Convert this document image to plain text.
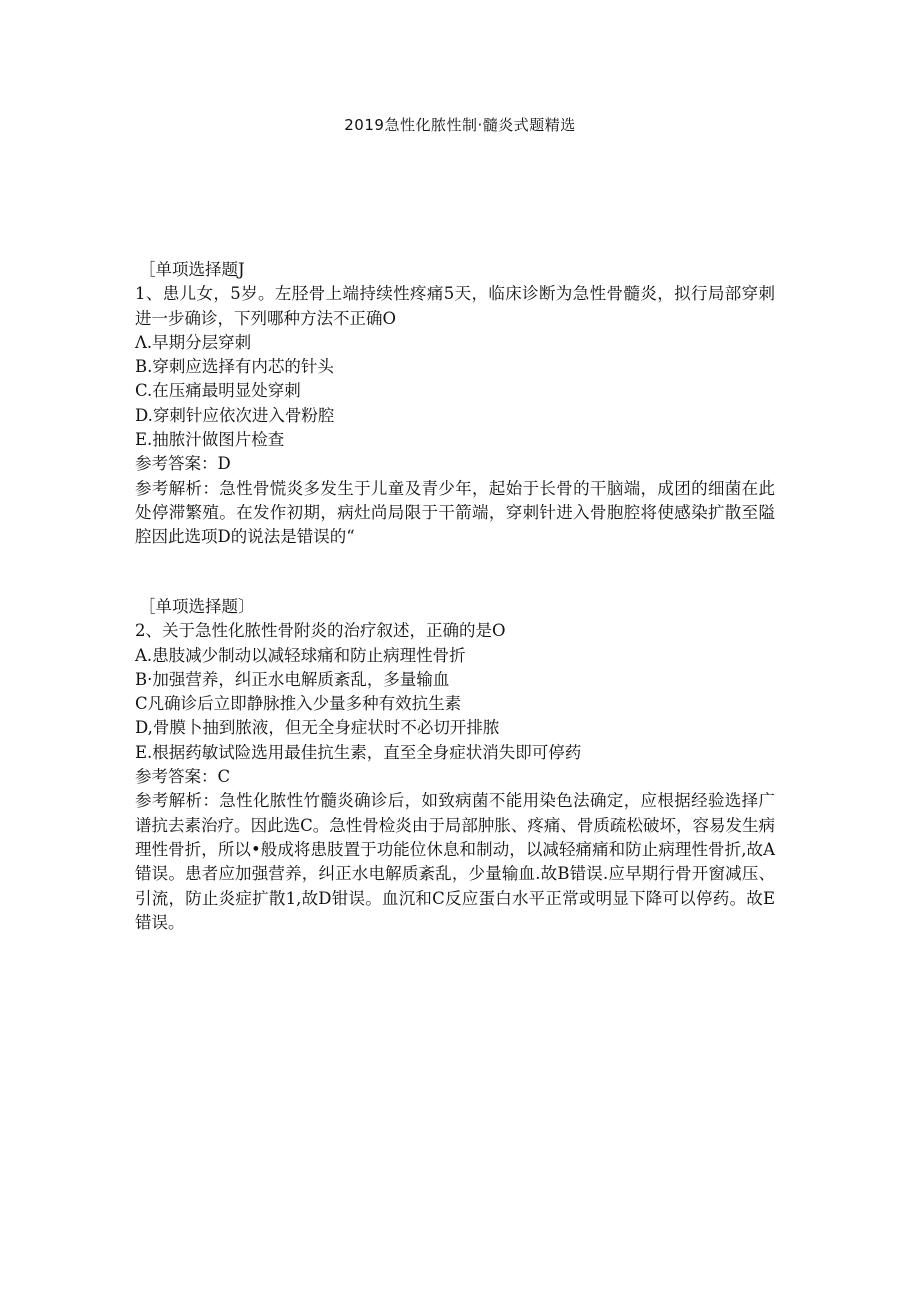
2019急性化脓性制·髓炎式题精选
［单项选择题J
1、患儿女，5岁。左胫骨上端持续性疼痛5天，临床诊断为急性骨髓炎，拟行局部穿刺进一步确诊，下列哪种方法不正确O
Λ.早期分层穿刺
B.穿刺应选择有内芯的针头
C.在压痛最明显处穿刺
D.穿刺针应依次进入骨粉腔
E.抽脓汁做图片检查
参考答案：D
参考解析：急性骨慌炎多发生于儿童及青少年，起始于长骨的干脑端，成团的细菌在此处停滞繁殖。在发作初期，病灶尚局限于干箭端，穿刺针进入骨胞腔将使感染扩散至隘腔因此选项D的说法是错误的“
［单项选择题〕
2、关于急性化脓性骨附炎的治疗叙述，正确的是O
A.患肢减少制动以减轻球痛和防止病理性骨折
B·加强营养，纠正水电解质紊乱，多量输血
C凡确诊后立即静脉推入少量多种有效抗生素
D,骨膜卜抽到脓液，但无全身症状时不必切开排脓
E.根据药敏试险选用最佳抗生素，直至全身症状消失即可停药
参考答案：C
参考解析：急性化脓性竹髓炎确诊后，如致病菌不能用染色法确定，应根据经验选择广谱抗去素治疗。因此选C。急性骨检炎由于局部肿胀、疼痛、骨质疏松破坏，容易发生病理性骨折，所以•般成将患肢置于功能位休息和制动，以减轻痛痛和防止病理性骨折,故A错误。患者应加强营养，纠正水电解质紊乱，少量输血.故B错误.应早期行骨开窗减压、引流，防止炎症扩散1,故D钳误。血沉和C反应蛋白水平正常或明显下降可以停药。故E错误。
